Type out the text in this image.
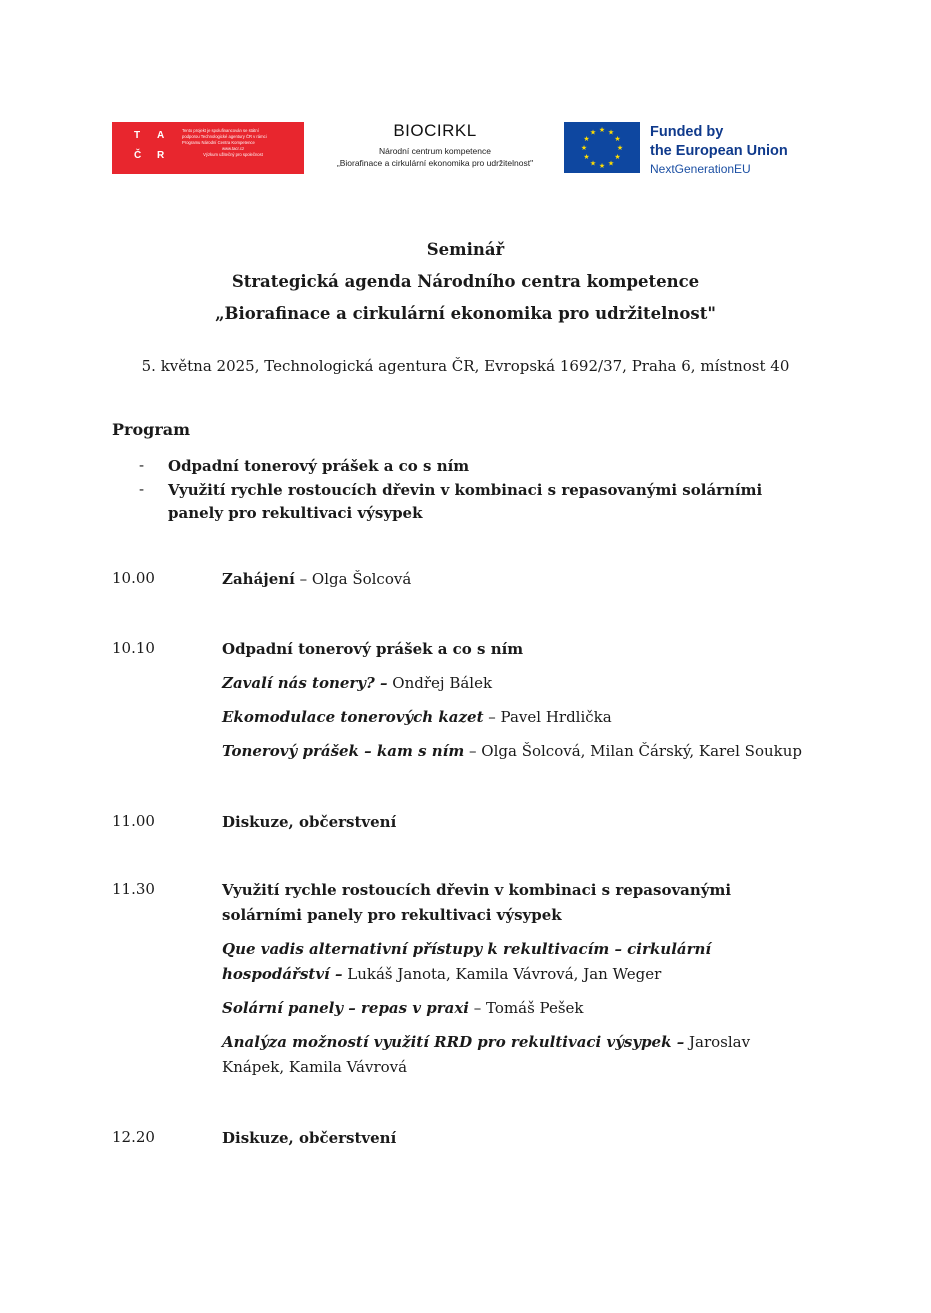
T A
Č R
Tento projekt je spolufinancován se státní
podporou Technologické agentury ČR v rámci
Programu Národní Centra Kompetence
www.tacr.cz
Výzkum užitečný pro společnost
BIOCIRKL
Národní centrum kompetence
„Biorafinace a cirkulární ekonomika pro udržitelnost"
★ ★
★
★
★
★
★
★
★
★
★
★	Funded by
the European Union
NextGenerationEU
Seminář
Strategická agenda Národního centra kompetence
„Biorafinace a cirkulární ekonomika pro udržitelnost"
5. května 2025, Technologická agentura ČR, Evropská 1692/37, Praha 6, místnost 40
Program
- Odpadní tonerový prášek a co s ním
- Využití rychle rostoucích dřevin v kombinaci s repasovanými solárními panely pro rekultivaci výsypek
10.00	Zahájení – Olga Šolcová
10.10	Odpadní tonerový prášek a co s ním
Zavalí nás tonery? – Ondřej Bálek
Ekomodulace tonerových kazet – Pavel Hrdlička
Tonerový prášek – kam s ním – Olga Šolcová, Milan Čárský, Karel Soukup
11.00	Diskuze, občerstvení
11.30	Využití rychle rostoucích dřevin v kombinaci s repasovanými solárními panely pro rekultivaci výsypek
Que vadis alternativní přístupy k rekultivacím – cirkulární hospodářství – Lukáš Janota, Kamila Vávrová, Jan Weger
Solární panely – repas v praxi – Tomáš Pešek
Analýza možností využití RRD pro rekultivaci výsypek – Jaroslav Knápek, Kamila Vávrová
12.20	Diskuze, občerstvení
